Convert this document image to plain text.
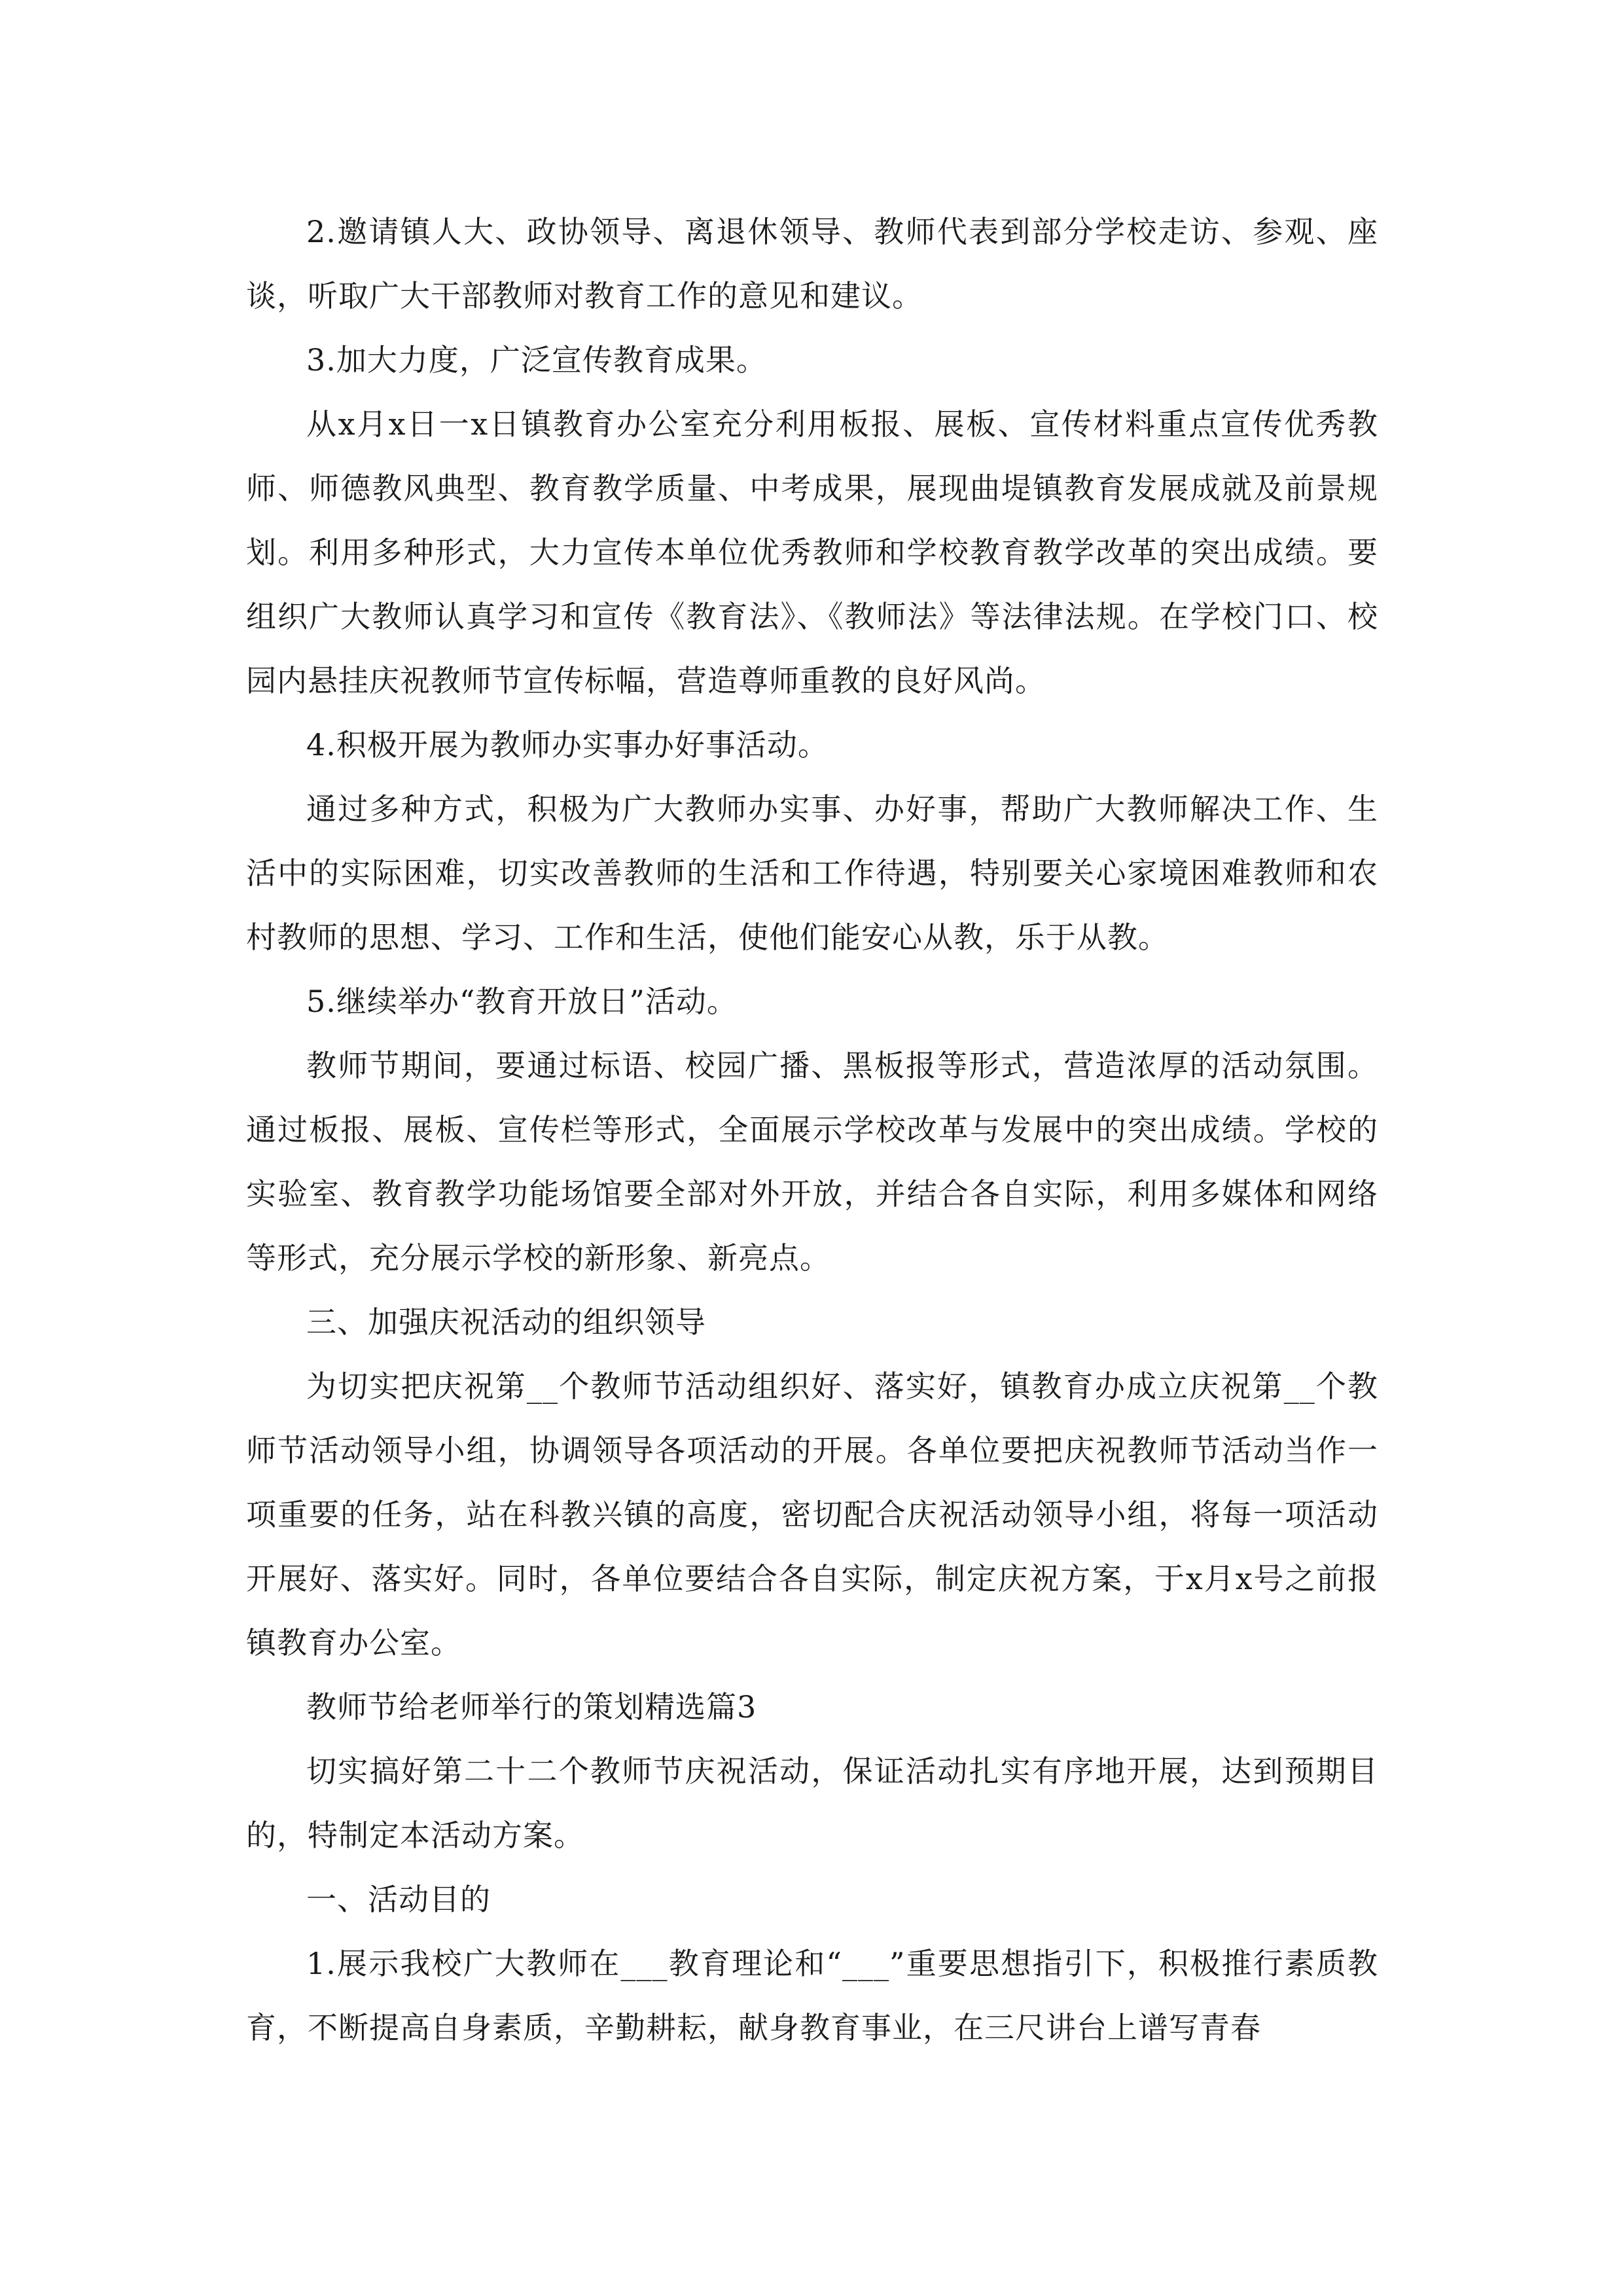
2.邀请镇人大、政协领导、离退休领导、教师代表到部分学校走访、参观、座谈，听取广大干部教师对教育工作的意见和建议。

3.加大力度，广泛宣传教育成果。

从x月x日一x日镇教育办公室充分利用板报、展板、宣传材料重点宣传优秀教师、师德教风典型、教育教学质量、中考成果，展现曲堤镇教育发展成就及前景规划。利用多种形式，大力宣传本单位优秀教师和学校教育教学改革的突出成绩。要组织广大教师认真学习和宣传《教育法》、《教师法》等法律法规。在学校门口、校园内悬挂庆祝教师节宣传标幅，营造尊师重教的良好风尚。

4.积极开展为教师办实事办好事活动。

通过多种方式，积极为广大教师办实事、办好事，帮助广大教师解决工作、生活中的实际困难，切实改善教师的生活和工作待遇，特别要关心家境困难教师和农村教师的思想、学习、工作和生活，使他们能安心从教，乐于从教。

5.继续举办“教育开放日”活动。

教师节期间，要通过标语、校园广播、黑板报等形式，营造浓厚的活动氛围。通过板报、展板、宣传栏等形式，全面展示学校改革与发展中的突出成绩。学校的实验室、教育教学功能场馆要全部对外开放，并结合各自实际，利用多媒体和网络等形式，充分展示学校的新形象、新亮点。

三、加强庆祝活动的组织领导

为切实把庆祝第__个教师节活动组织好、落实好，镇教育办成立庆祝第__个教师节活动领导小组，协调领导各项活动的开展。各单位要把庆祝教师节活动当作一项重要的任务，站在科教兴镇的高度，密切配合庆祝活动领导小组，将每一项活动开展好、落实好。同时，各单位要结合各自实际，制定庆祝方案，于x月x号之前报镇教育办公室。

教师节给老师举行的策划精选篇3

切实搞好第二十二个教师节庆祝活动，保证活动扎实有序地开展，达到预期目的，特制定本活动方案。

一、活动目的

1.展示我校广大教师在___教育理论和“___”重要思想指引下，积极推行素质教育，不断提高自身素质，辛勤耕耘，献身教育事业，在三尺讲台上谱写青春
